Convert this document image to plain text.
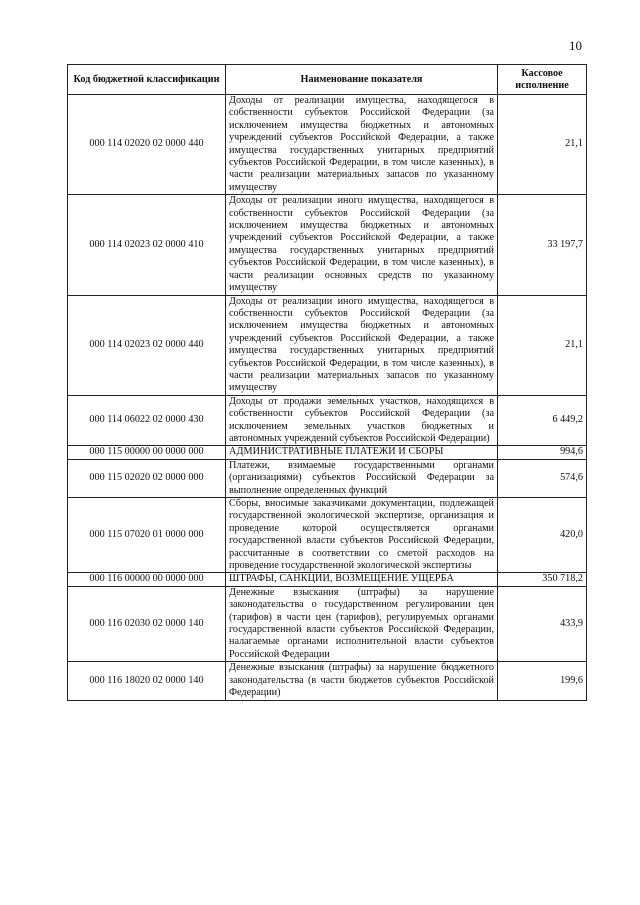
10
Код бюджетной классификации	Наименование показателя	Кассовое исполнение
000 114 02020 02 0000 440	Доходы от реализации имущества, находящегося в собственности субъектов Российской Федерации (за исключением имущества бюджетных и автономных учреждений субъектов Российской Федерации, а также имущества государственных унитарных предприятий субъектов Российской Федерации, в том числе казенных), в части реализации материальных запасов по указанному имуществу	21,1
000 114 02023 02 0000 410	Доходы от реализации иного имущества, находящегося в собственности субъектов Российской Федерации (за исключением имущества бюджетных и автономных учреждений субъектов Российской Федерации, а также имущества государственных унитарных предприятий субъектов Российской Федерации, в том числе казенных), в части реализации основных средств по указанному имуществу	33 197,7
000 114 02023 02 0000 440	Доходы от реализации иного имущества, находящегося в собственности субъектов Российской Федерации (за исключением имущества бюджетных и автономных учреждений субъектов Российской Федерации, а также имущества государственных унитарных предприятий субъектов Российской Федерации, в том числе казенных), в части реализации материальных запасов по указанному имуществу	21,1
000 114 06022 02 0000 430	Доходы от продажи земельных участков, находящихся в собственности субъектов Российской Федерации (за исключением земельных участков бюджетных и автономных учреждений субъектов Российской Федерации)	6 449,2
000 115 00000 00 0000 000	АДМИНИСТРАТИВНЫЕ ПЛАТЕЖИ И СБОРЫ	994,6
000 115 02020 02 0000 000	Платежи, взимаемые государственными органами (организациями) субъектов Российской Федерации за выполнение определенных функций	574,6
000 115 07020 01 0000 000	Сборы, вносимые заказчиками документации, подлежащей государственной экологической экспертизе, организация и проведение которой осуществляется органами государственной власти субъектов Российской Федерации, рассчитанные в соответствии со сметой расходов на проведение государственной экологической экспертизы	420,0
000 116 00000 00 0000 000	ШТРАФЫ, САНКЦИИ, ВОЗМЕЩЕНИЕ УЩЕРБА	350 718,2
000 116 02030 02 0000 140	Денежные взыскания (штрафы) за нарушение законодательства о государственном регулировании цен (тарифов) в части цен (тарифов), регулируемых органами государственной власти субъектов Российской Федерации, налагаемые органами исполнительной власти субъектов Российской Федерации	433,9
000 116 18020 02 0000 140	Денежные взыскания (штрафы) за нарушение бюджетного законодательства (в части бюджетов субъектов Российской Федерации)	199,6
